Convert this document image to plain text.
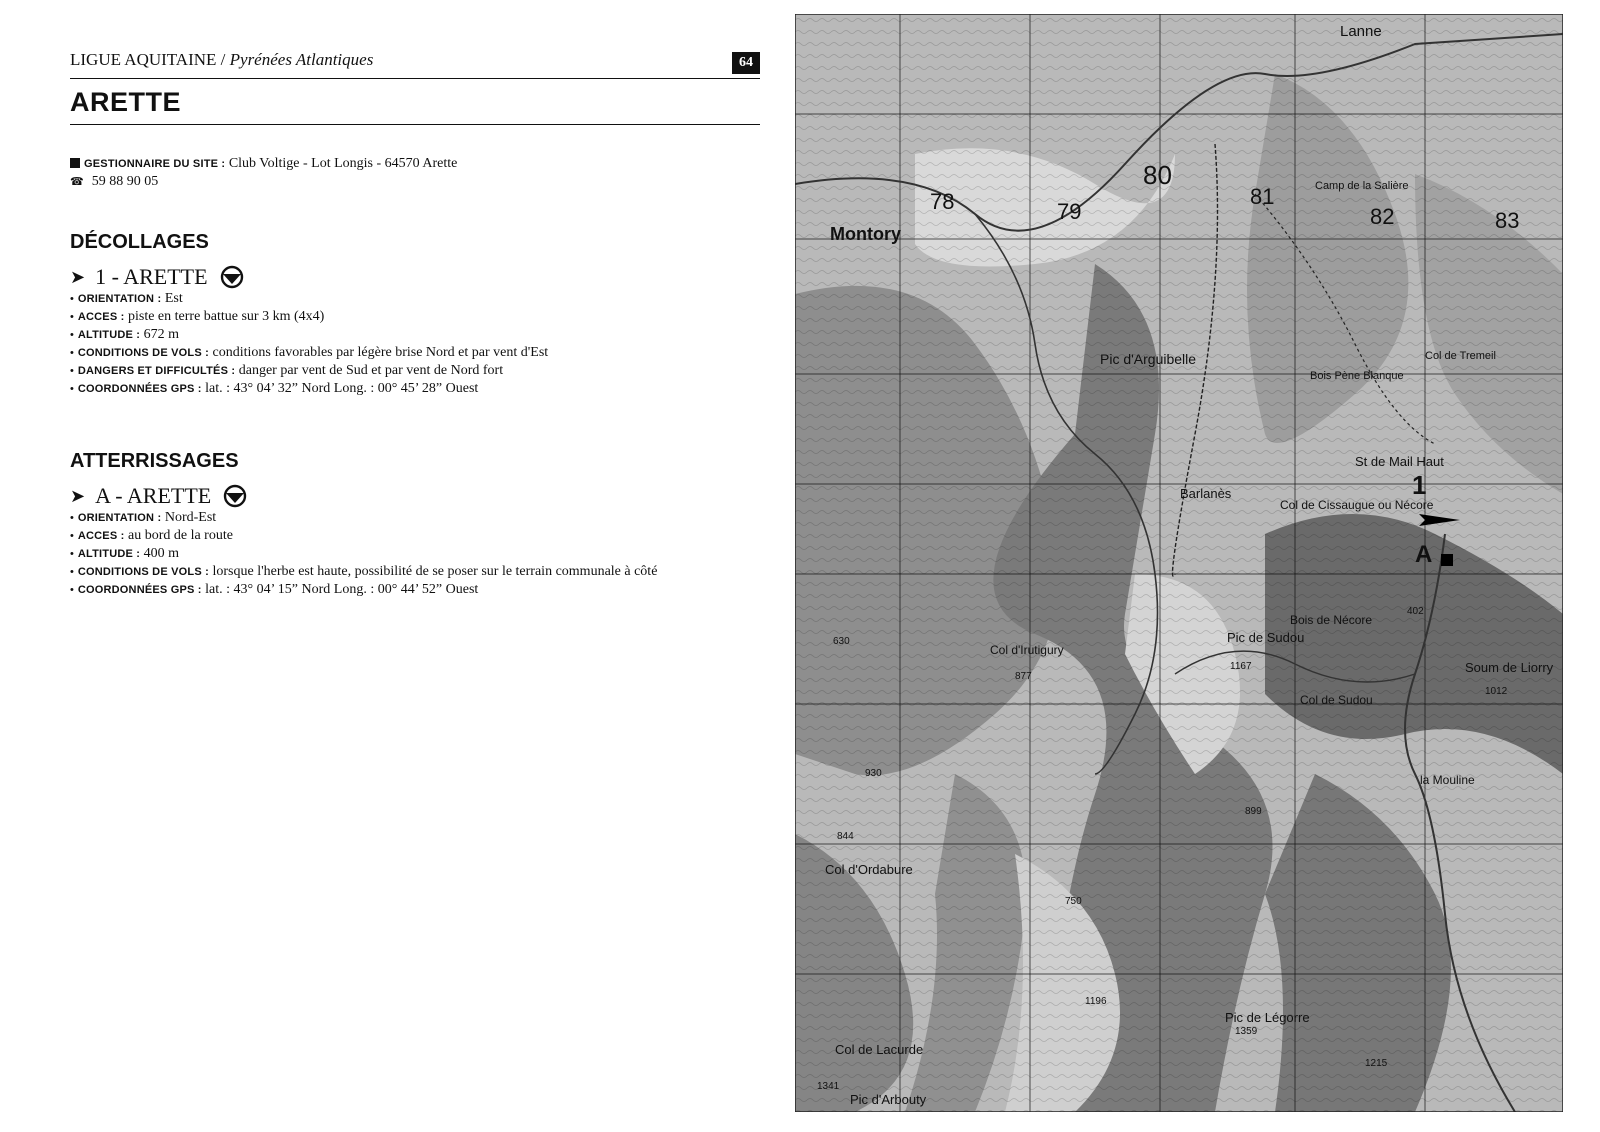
LIGUE AQUITAINE / Pyrénées Atlantiques	64
ARETTE
GESTIONNAIRE DU SITE : Club Voltige - Lot Longis - 64570 Arette
☎ 59 88 90 05
DÉCOLLAGES
➤ 1 - ARETTE
• ORIENTATION : Est
• ACCES : piste en terre battue sur 3 km (4x4)
• ALTITUDE : 672 m
• CONDITIONS DE VOLS : conditions favorables par légère brise Nord et par vent d'Est
• DANGERS ET DIFFICULTÉS : danger par vent de Sud et par vent de Nord fort
• COORDONNÉES GPS : lat. : 43° 04’ 32” Nord Long. : 00° 45’ 28” Ouest
ATTERRISSAGES
➤ A - ARETTE
• ORIENTATION : Nord-Est
• ACCES : au bord de la route
• ALTITUDE : 400 m
• CONDITIONS DE VOLS : lorsque l'herbe est haute, possibilité de se poser sur le terrain communale à côté
• COORDONNÉES GPS : lat. : 43° 04’ 15” Nord Long. : 00° 44’ 52” Ouest
78	79
80
81
82	83
Lanne
Montory
Barlanès
Pic d'Arguibelle
Col de Cissaugue ou Nécore
St de Mail Haut
Bois de Nécore
Pic de Sudou
Col de Sudou
Soum de Liorry
la Mouline
Col d'Irutigury
Col d'Ordabure
Pic de Légorre
Col de Lacurde
Pic d'Arbouty
Camp de la Salière
Bois Pène Blanque
Col de Tremeil
1167
1012
1196
1359
1215
877
899
750
630
844
930
1341
402
1
A
